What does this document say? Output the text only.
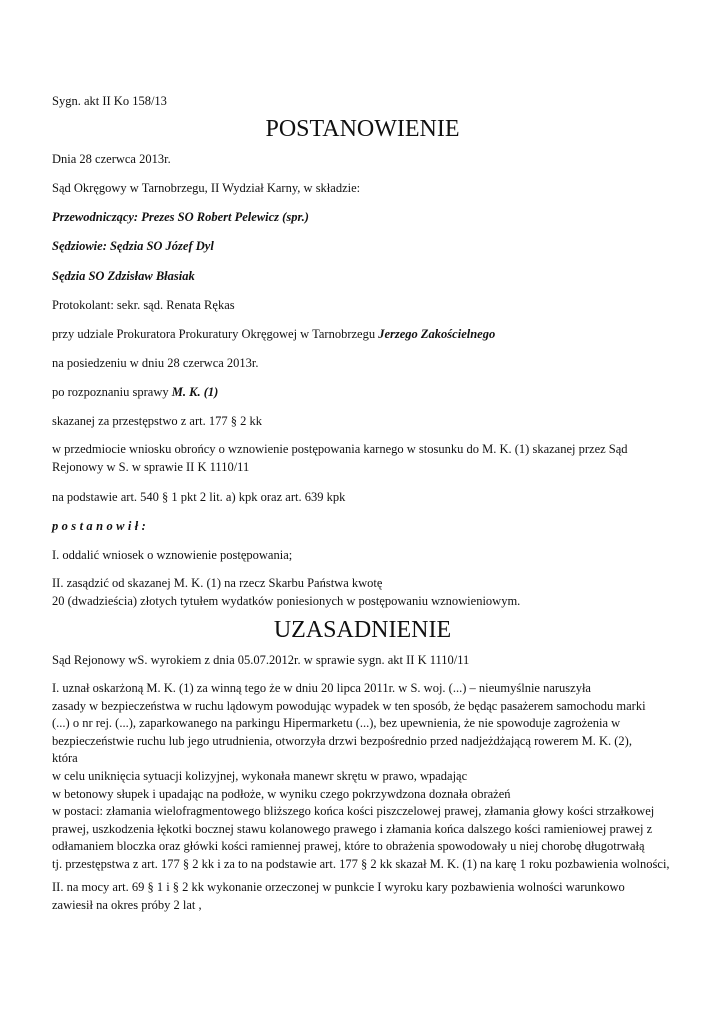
Sygn. akt II Ko 158/13
POSTANOWIENIE
Dnia 28 czerwca 2013r.
Sąd Okręgowy w Tarnobrzegu, II Wydział Karny, w składzie:
Przewodniczący: Prezes SO Robert Pelewicz (spr.)
Sędziowie: Sędzia SO Józef Dyl
Sędzia SO Zdzisław Błasiak
Protokolant: sekr. sąd. Renata Rękas
przy udziale Prokuratora Prokuratury Okręgowej w Tarnobrzegu Jerzego Zakościelnego
na posiedzeniu w dniu 28 czerwca 2013r.
po rozpoznaniu sprawy M. K. (1)
skazanej za przestępstwo z art. 177 § 2 kk
w przedmiocie wniosku obrońcy o wznowienie postępowania karnego w stosunku do M. K. (1) skazanej przez Sąd
Rejonowy w S. w sprawie II K 1110/11
na podstawie art. 540 § 1 pkt 2 lit. a) kpk oraz art. 639 kpk
postanowił:
I. oddalić wniosek o wznowienie postępowania;
II. zasądzić od skazanej M. K. (1) na rzecz Skarbu Państwa kwotę
20 (dwadzieścia) złotych tytułem wydatków poniesionych w postępowaniu wznowieniowym.
UZASADNIENIE
Sąd Rejonowy wS. wyrokiem z dnia 05.07.2012r. w sprawie sygn. akt II K 1110/11
I. uznał oskarżoną M. K. (1) za winną tego że w dniu 20 lipca 2011r. w S. woj. (...) – nieumyślnie naruszyła
zasady w bezpieczeństwa w ruchu lądowym powodując wypadek w ten sposób, że będąc pasażerem samochodu marki
(...) o nr rej. (...), zaparkowanego na parkingu Hipermarketu (...), bez upewnienia, że nie spowoduje zagrożenia w
bezpieczeństwie ruchu lub jego utrudnienia, otworzyła drzwi bezpośrednio przed nadjeżdżającą rowerem M. K. (2),
która
w celu uniknięcia sytuacji kolizyjnej, wykonała manewr skrętu w prawo, wpadając
w betonowy słupek i upadając na podłoże, w wyniku czego pokrzywdzona doznała obrażeń
w postaci: złamania wielofragmentowego bliższego końca kości piszczelowej prawej, złamania głowy kości strzałkowej
prawej, uszkodzenia łękotki bocznej stawu kolanowego prawego i złamania końca dalszego kości ramieniowej prawej z
odłamaniem bloczka oraz główki kości ramiennej prawej, które to obrażenia spowodowały u niej chorobę długotrwałą
tj. przestępstwa z art. 177 § 2 kk i za to na podstawie art. 177 § 2 kk skazał M. K. (1) na karę 1 roku pozbawienia wolności,
II. na mocy art. 69 § 1 i § 2 kk wykonanie orzeczonej w punkcie I wyroku kary pozbawienia wolności warunkowo
zawiesił na okres próby 2 lat ,
